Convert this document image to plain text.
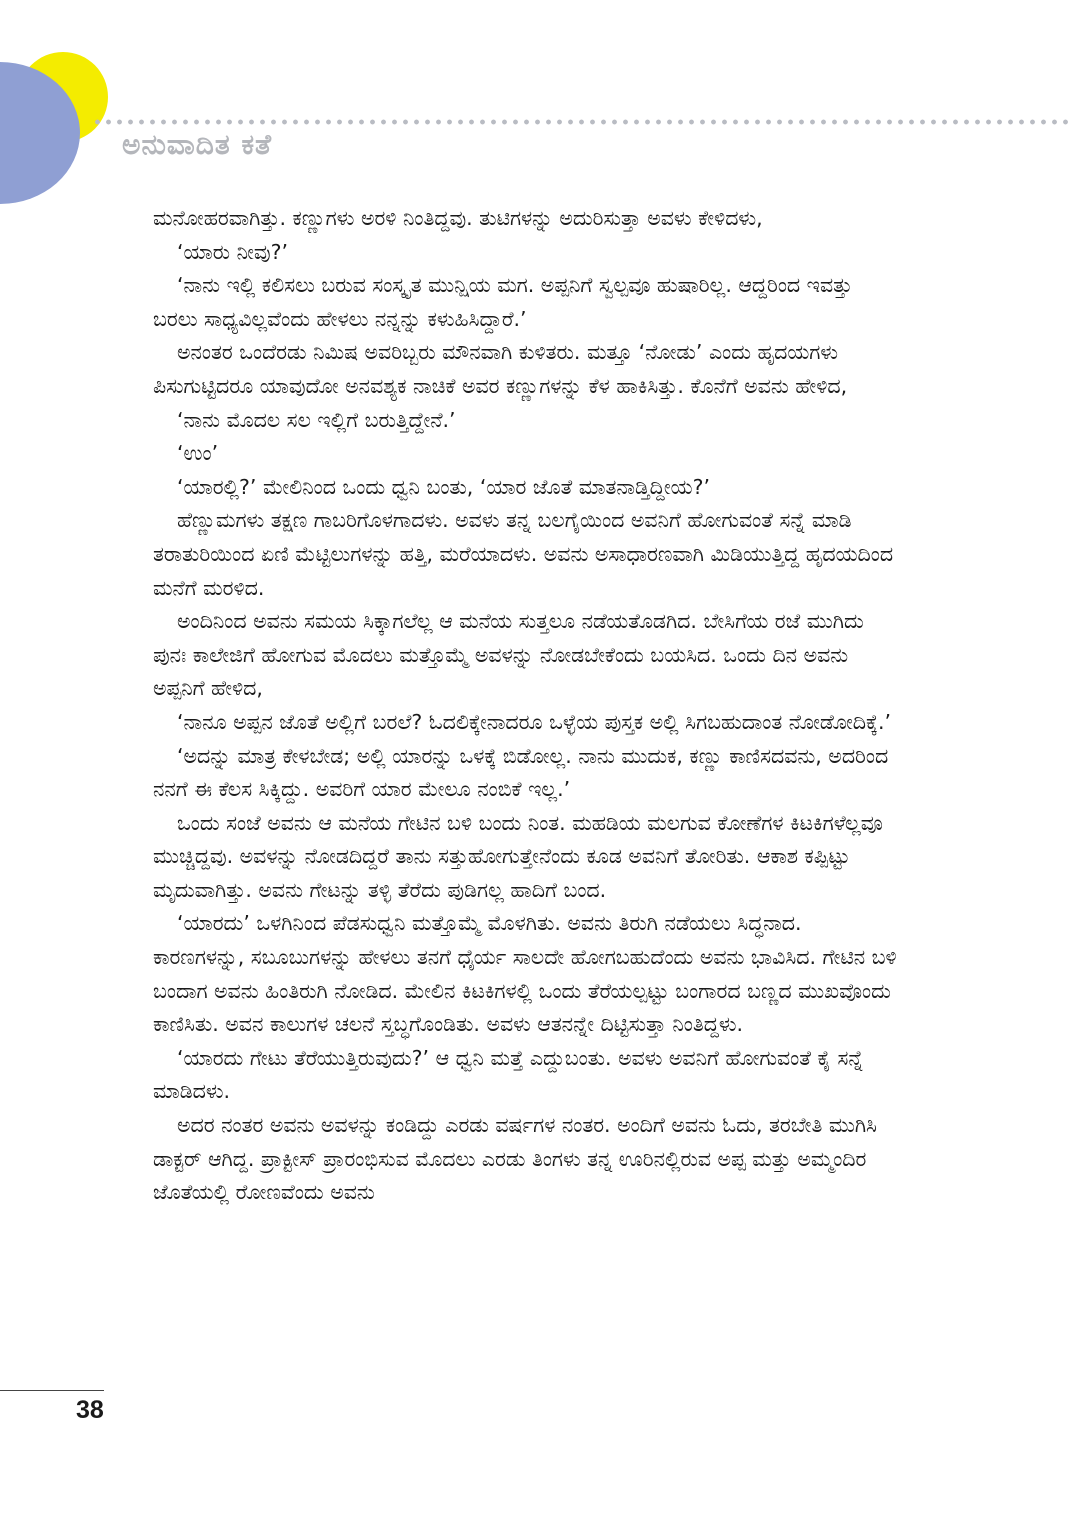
ಅನುವಾದಿತ ಕತೆ

ಮನೋಹರವಾಗಿತ್ತು. ಕಣ್ಣುಗಳು ಅರಳಿ ನಿಂತಿದ್ದವು. ತುಟಿಗಳನ್ನು ಅದುರಿಸುತ್ತಾ ಅವಳು ಕೇಳಿದಳು,

‘ಯಾರು ನೀವು?’

‘ನಾನು ಇಲ್ಲಿ ಕಲಿಸಲು ಬರುವ ಸಂಸ್ಕೃತ ಮುನ್ಷಿಯ ಮಗ. ಅಪ್ಪನಿಗೆ ಸ್ವಲ್ಪವೂ ಹುಷಾರಿಲ್ಲ. ಆದ್ದರಿಂದ ಇವತ್ತು ಬರಲು ಸಾಧ್ಯವಿಲ್ಲವೆಂದು ಹೇಳಲು ನನ್ನನ್ನು ಕಳುಹಿಸಿದ್ದಾರೆ.’

ಅನಂತರ ಒಂದೆರಡು ನಿಮಿಷ ಅವರಿಬ್ಬರು ಮೌನವಾಗಿ ಕುಳಿತರು. ಮತ್ತೂ ‘ನೋಡು’ ಎಂದು ಹೃದಯಗಳು ಪಿಸುಗುಟ್ಟಿದರೂ ಯಾವುದೋ ಅನವಶ್ಯಕ ನಾಚಿಕೆ ಅವರ ಕಣ್ಣುಗಳನ್ನು ಕೆಳ ಹಾಕಿಸಿತ್ತು. ಕೊನೆಗೆ ಅವನು ಹೇಳಿದ,

‘ನಾನು ಮೊದಲ ಸಲ ಇಲ್ಲಿಗೆ ಬರುತ್ತಿದ್ದೇನೆ.’

‘ಉಂ’

‘ಯಾರಲ್ಲಿ?’ ಮೇಲಿನಿಂದ ಒಂದು ಧ್ವನಿ ಬಂತು, ‘ಯಾರ ಜೊತೆ ಮಾತನಾಡ್ತಿದ್ದೀಯ?’

ಹೆಣ್ಣುಮಗಳು ತಕ್ಷಣ ಗಾಬರಿಗೊಳಗಾದಳು. ಅವಳು ತನ್ನ ಬಲಗೈಯಿಂದ ಅವನಿಗೆ ಹೋಗುವಂತೆ ಸನ್ನೆ ಮಾಡಿ ತರಾತುರಿಯಿಂದ ಏಣಿ ಮೆಟ್ಟಿಲುಗಳನ್ನು ಹತ್ತಿ, ಮರೆಯಾದಳು. ಅವನು ಅಸಾಧಾರಣವಾಗಿ ಮಿಡಿಯುತ್ತಿದ್ದ ಹೃದಯದಿಂದ ಮನೆಗೆ ಮರಳಿದ.

ಅಂದಿನಿಂದ ಅವನು ಸಮಯ ಸಿಕ್ಕಾಗಲೆಲ್ಲ ಆ ಮನೆಯ ಸುತ್ತಲೂ ನಡೆಯತೊಡಗಿದ. ಬೇಸಿಗೆಯ ರಜೆ ಮುಗಿದು ಪುನಃ ಕಾಲೇಜಿಗೆ ಹೋಗುವ ಮೊದಲು ಮತ್ತೊಮ್ಮೆ ಅವಳನ್ನು ನೋಡಬೇಕೆಂದು ಬಯಸಿದ. ಒಂದು ದಿನ ಅವನು ಅಪ್ಪನಿಗೆ ಹೇಳಿದ,

‘ನಾನೂ ಅಪ್ಪನ ಜೊತೆ ಅಲ್ಲಿಗೆ ಬರಲೆ? ಓದಲಿಕ್ಕೇನಾದರೂ ಒಳ್ಳೆಯ ಪುಸ್ತಕ ಅಲ್ಲಿ ಸಿಗಬಹುದಾಂತ ನೋಡೋದಿಕ್ಕೆ.’

‘ಅದನ್ನು ಮಾತ್ರ ಕೇಳಬೇಡ; ಅಲ್ಲಿ ಯಾರನ್ನು ಒಳಕ್ಕೆ ಬಿಡೋಲ್ಲ. ನಾನು ಮುದುಕ, ಕಣ್ಣು ಕಾಣಿಸದವನು, ಅದರಿಂದ ನನಗೆ ಈ ಕೆಲಸ ಸಿಕ್ಕಿದ್ದು. ಅವರಿಗೆ ಯಾರ ಮೇಲೂ ನಂಬಿಕೆ ಇಲ್ಲ.’

ಒಂದು ಸಂಜೆ ಅವನು ಆ ಮನೆಯ ಗೇಟಿನ ಬಳಿ ಬಂದು ನಿಂತ. ಮಹಡಿಯ ಮಲಗುವ ಕೋಣೆಗಳ ಕಿಟಕಿಗಳೆಲ್ಲವೂ ಮುಚ್ಚಿದ್ದವು. ಅವಳನ್ನು ನೋಡದಿದ್ದರೆ ತಾನು ಸತ್ತುಹೋಗುತ್ತೇನೆಂದು ಕೂಡ ಅವನಿಗೆ ತೋರಿತು. ಆಕಾಶ ಕಪ್ಪಿಟ್ಟು ಮೃದುವಾಗಿತ್ತು. ಅವನು ಗೇಟನ್ನು ತಳ್ಳಿ ತೆರೆದು ಪುಡಿಗಲ್ಲ ಹಾದಿಗೆ ಬಂದ.

‘ಯಾರದು’ ಒಳಗಿನಿಂದ ಪೆಡಸುಧ್ವನಿ ಮತ್ತೊಮ್ಮೆ ಮೊಳಗಿತು. ಅವನು ತಿರುಗಿ ನಡೆಯಲು ಸಿದ್ಧನಾದ. ಕಾರಣಗಳನ್ನು, ಸಬೂಬುಗಳನ್ನು ಹೇಳಲು ತನಗೆ ಧೈರ್ಯ ಸಾಲದೇ ಹೋಗಬಹುದೆಂದು ಅವನು ಭಾವಿಸಿದ. ಗೇಟಿನ ಬಳಿ ಬಂದಾಗ ಅವನು ಹಿಂತಿರುಗಿ ನೋಡಿದ. ಮೇಲಿನ ಕಿಟಕಿಗಳಲ್ಲಿ ಒಂದು ತೆರೆಯಲ್ಪಟ್ಟು ಬಂಗಾರದ ಬಣ್ಣದ ಮುಖವೊಂದು ಕಾಣಿಸಿತು. ಅವನ ಕಾಲುಗಳ ಚಲನೆ ಸ್ತಬ್ಧಗೊಂಡಿತು. ಅವಳು ಆತನನ್ನೇ ದಿಟ್ಟಿಸುತ್ತಾ ನಿಂತಿದ್ದಳು.

‘ಯಾರದು ಗೇಟು ತೆರೆಯುತ್ತಿರುವುದು?’ ಆ ಧ್ವನಿ ಮತ್ತೆ ಎದ್ದುಬಂತು. ಅವಳು ಅವನಿಗೆ ಹೋಗುವಂತೆ ಕೈ ಸನ್ನೆ ಮಾಡಿದಳು.

ಅದರ ನಂತರ ಅವನು ಅವಳನ್ನು ಕಂಡಿದ್ದು ಎರಡು ವರ್ಷಗಳ ನಂತರ. ಅಂದಿಗೆ ಅವನು ಓದು, ತರಬೇತಿ ಮುಗಿಸಿ ಡಾಕ್ಟರ್ ಆಗಿದ್ದ. ಪ್ರಾಕ್ಟೀಸ್ ಪ್ರಾರಂಭಿಸುವ ಮೊದಲು ಎರಡು ತಿಂಗಳು ತನ್ನ ಊರಿನಲ್ಲಿರುವ ಅಪ್ಪ ಮತ್ತು ಅಮ್ಮಂದಿರ ಜೊತೆಯಲ್ಲಿ ರೋಣವೆಂದು ಅವನು

38
